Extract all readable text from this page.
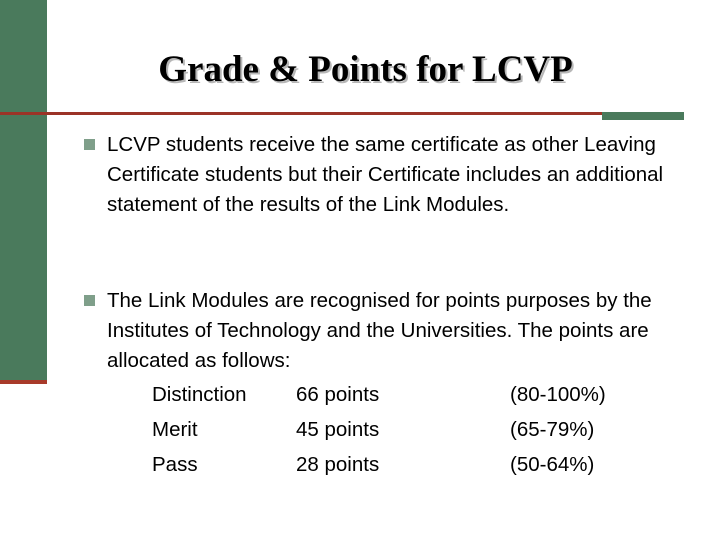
Grade & Points for LCVP

LCVP students receive the same certificate as other Leaving Certificate students but their Certificate includes an additional statement of the results of the Link Modules.

The Link Modules are recognised for points purposes by the Institutes of Technology and the Universities. The points are allocated as follows:

Distinction 66 points	(80-100%)
Merit	45 points	(65-79%)
Pass	28 points	(50-64%)
